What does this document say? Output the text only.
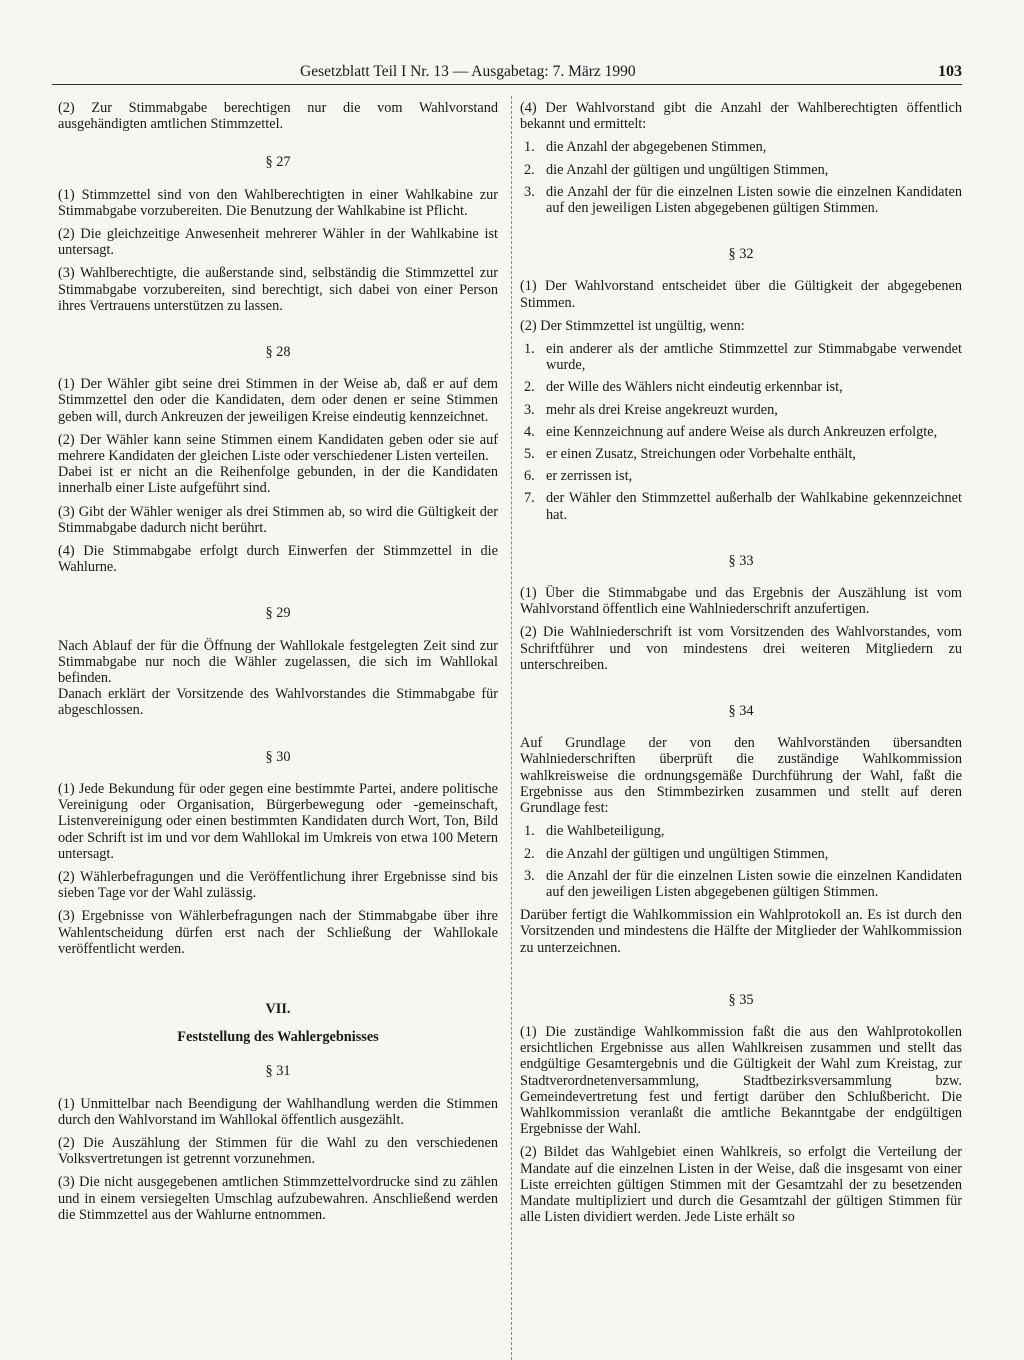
Gesetzblatt Teil I Nr. 13 — Ausgabetag: 7. März 1990	103

(2) Zur Stimmabgabe berechtigen nur die vom Wahlvorstand ausgehändigten amtlichen Stimmzettel.

§ 27

(1) Stimmzettel sind von den Wahlberechtigten in einer Wahlkabine zur Stimmabgabe vorzubereiten. Die Benutzung der Wahlkabine ist Pflicht.

(2) Die gleichzeitige Anwesenheit mehrerer Wähler in der Wahlkabine ist untersagt.

(3) Wahlberechtigte, die außerstande sind, selbständig die Stimmzettel zur Stimmabgabe vorzubereiten, sind berechtigt, sich dabei von einer Person ihres Vertrauens unterstützen zu lassen.

§ 28

(1) Der Wähler gibt seine drei Stimmen in der Weise ab, daß er auf dem Stimmzettel den oder die Kandidaten, dem oder denen er seine Stimmen geben will, durch Ankreuzen der jeweiligen Kreise eindeutig kennzeichnet.

(2) Der Wähler kann seine Stimmen einem Kandidaten geben oder sie auf mehrere Kandidaten der gleichen Liste oder verschiedener Listen verteilen.

Dabei ist er nicht an die Reihenfolge gebunden, in der die Kandidaten innerhalb einer Liste aufgeführt sind.

(3) Gibt der Wähler weniger als drei Stimmen ab, so wird die Gültigkeit der Stimmabgabe dadurch nicht berührt.

(4) Die Stimmabgabe erfolgt durch Einwerfen der Stimmzettel in die Wahlurne.

§ 29

Nach Ablauf der für die Öffnung der Wahllokale festgelegten Zeit sind zur Stimmabgabe nur noch die Wähler zugelassen, die sich im Wahllokal befinden.

Danach erklärt der Vorsitzende des Wahlvorstandes die Stimmabgabe für abgeschlossen.

§ 30

(1) Jede Bekundung für oder gegen eine bestimmte Partei, andere politische Vereinigung oder Organisation, Bürgerbewegung oder -gemeinschaft, Listenvereinigung oder einen bestimmten Kandidaten durch Wort, Ton, Bild oder Schrift ist im und vor dem Wahllokal im Umkreis von etwa 100 Metern untersagt.

(2) Wählerbefragungen und die Veröffentlichung ihrer Ergebnisse sind bis sieben Tage vor der Wahl zulässig.

(3) Ergebnisse von Wählerbefragungen nach der Stimmabgabe über ihre Wahlentscheidung dürfen erst nach der Schließung der Wahllokale veröffentlicht werden.

VII.
Feststellung des Wahlergebnisses
§ 31

(1) Unmittelbar nach Beendigung der Wahlhandlung werden die Stimmen durch den Wahlvorstand im Wahllokal öffentlich ausgezählt.

(2) Die Auszählung der Stimmen für die Wahl zu den verschiedenen Volksvertretungen ist getrennt vorzunehmen.

(3) Die nicht ausgegebenen amtlichen Stimmzettelvordrucke sind zu zählen und in einem versiegelten Umschlag aufzubewahren. Anschließend werden die Stimmzettel aus der Wahlurne entnommen.

(4) Der Wahlvorstand gibt die Anzahl der Wahlberechtigten öffentlich bekannt und ermittelt:

1. die Anzahl der abgegebenen Stimmen,
2. die Anzahl der gültigen und ungültigen Stimmen,
3. die Anzahl der für die einzelnen Listen sowie die einzelnen Kandidaten auf den jeweiligen Listen abgegebenen gültigen Stimmen.
§ 32

(1) Der Wahlvorstand entscheidet über die Gültigkeit der abgegebenen Stimmen.

(2) Der Stimmzettel ist ungültig, wenn:

1. ein anderer als der amtliche Stimmzettel zur Stimmabgabe verwendet wurde,
2. der Wille des Wählers nicht eindeutig erkennbar ist,
3. mehr als drei Kreise angekreuzt wurden,
4. eine Kennzeichnung auf andere Weise als durch Ankreuzen erfolgte,
5. er einen Zusatz, Streichungen oder Vorbehalte enthält,
6. er zerrissen ist,
7. der Wähler den Stimmzettel außerhalb der Wahlkabine gekennzeichnet hat.
§ 33

(1) Über die Stimmabgabe und das Ergebnis der Auszählung ist vom Wahlvorstand öffentlich eine Wahlniederschrift anzufertigen.

(2) Die Wahlniederschrift ist vom Vorsitzenden des Wahlvorstandes, vom Schriftführer und von mindestens drei weiteren Mitgliedern zu unterschreiben.

§ 34

Auf Grundlage der von den Wahlvorständen übersandten Wahlniederschriften überprüft die zuständige Wahlkommission wahlkreisweise die ordnungsgemäße Durchführung der Wahl, faßt die Ergebnisse aus den Stimmbezirken zusammen und stellt auf deren Grundlage fest:

1. die Wahlbeteiligung,
2. die Anzahl der gültigen und ungültigen Stimmen,
3. die Anzahl der für die einzelnen Listen sowie die einzelnen Kandidaten auf den jeweiligen Listen abgegebenen gültigen Stimmen.

Darüber fertigt die Wahlkommission ein Wahlprotokoll an. Es ist durch den Vorsitzenden und mindestens die Hälfte der Mitglieder der Wahlkommission zu unterzeichnen.

§ 35

(1) Die zuständige Wahlkommission faßt die aus den Wahlprotokollen ersichtlichen Ergebnisse aus allen Wahlkreisen zusammen und stellt das endgültige Gesamtergebnis und die Gültigkeit der Wahl zum Kreistag, zur Stadtverordnetenversammlung, Stadtbezirksversammlung bzw. Gemeindevertretung fest und fertigt darüber den Schlußbericht. Die Wahlkommission veranlaßt die amtliche Bekanntgabe der endgültigen Ergebnisse der Wahl.

(2) Bildet das Wahlgebiet einen Wahlkreis, so erfolgt die Verteilung der Mandate auf die einzelnen Listen in der Weise, daß die insgesamt von einer Liste erreichten gültigen Stimmen mit der Gesamtzahl der zu besetzenden Mandate multipliziert und durch die Gesamtzahl der gültigen Stimmen für alle Listen dividiert werden. Jede Liste erhält so
